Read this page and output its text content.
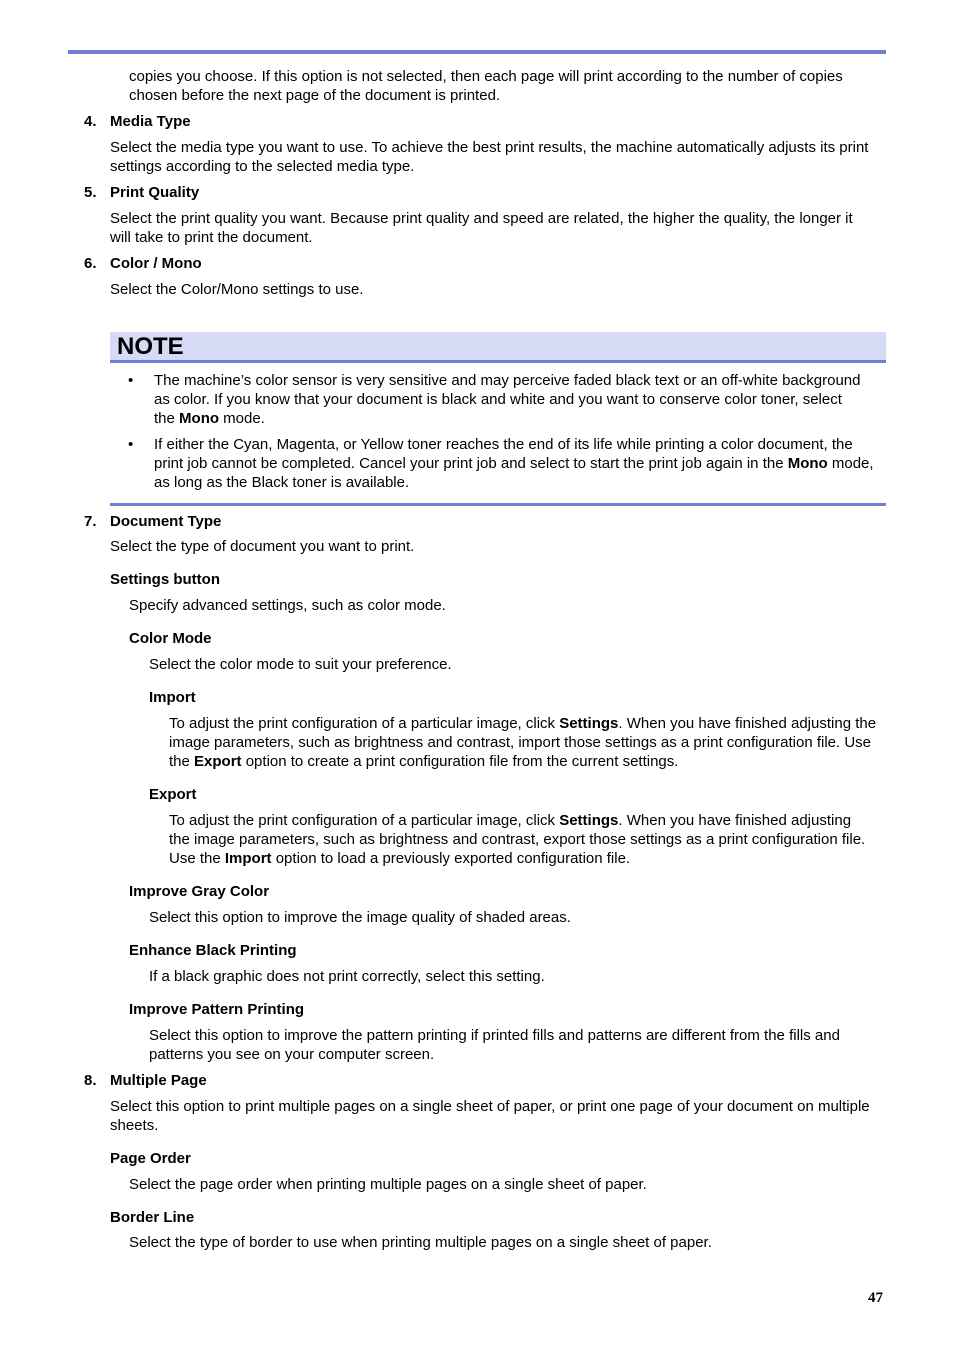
copies you choose. If this option is not selected, then each page will print according to the number of copies chosen before the next page of the document is printed.

4. Media Type

Select the media type you want to use. To achieve the best print results, the machine automatically adjusts its print settings according to the selected media type.

5. Print Quality

Select the print quality you want. Because print quality and speed are related, the higher the quality, the longer it will take to print the document.

6. Color / Mono

Select the Color/Mono settings to use.

NOTE
• The machine’s color sensor is very sensitive and may perceive faded black text or an off-white background as color. If you know that your document is black and white and you want to conserve color toner, select the Mono mode.

• If either the Cyan, Magenta, or Yellow toner reaches the end of its life while printing a color document, the print job cannot be completed. Cancel your print job and select to start the print job again in the Mono mode, as long as the Black toner is available.

7. Document Type

Select the type of document you want to print.

Settings button

Specify advanced settings, such as color mode.

Color Mode

Select the color mode to suit your preference.

Import

To adjust the print configuration of a particular image, click Settings. When you have finished adjusting the image parameters, such as brightness and contrast, import those settings as a print configuration file. Use the Export option to create a print configuration file from the current settings.

Export

To adjust the print configuration of a particular image, click Settings. When you have finished adjusting the image parameters, such as brightness and contrast, export those settings as a print configuration file. Use the Import option to load a previously exported configuration file.

Improve Gray Color

Select this option to improve the image quality of shaded areas.

Enhance Black Printing

If a black graphic does not print correctly, select this setting.

Improve Pattern Printing

Select this option to improve the pattern printing if printed fills and patterns are different from the fills and patterns you see on your computer screen.

8. Multiple Page

Select this option to print multiple pages on a single sheet of paper, or print one page of your document on multiple sheets.

Page Order

Select the page order when printing multiple pages on a single sheet of paper.

Border Line

Select the type of border to use when printing multiple pages on a single sheet of paper.

47
